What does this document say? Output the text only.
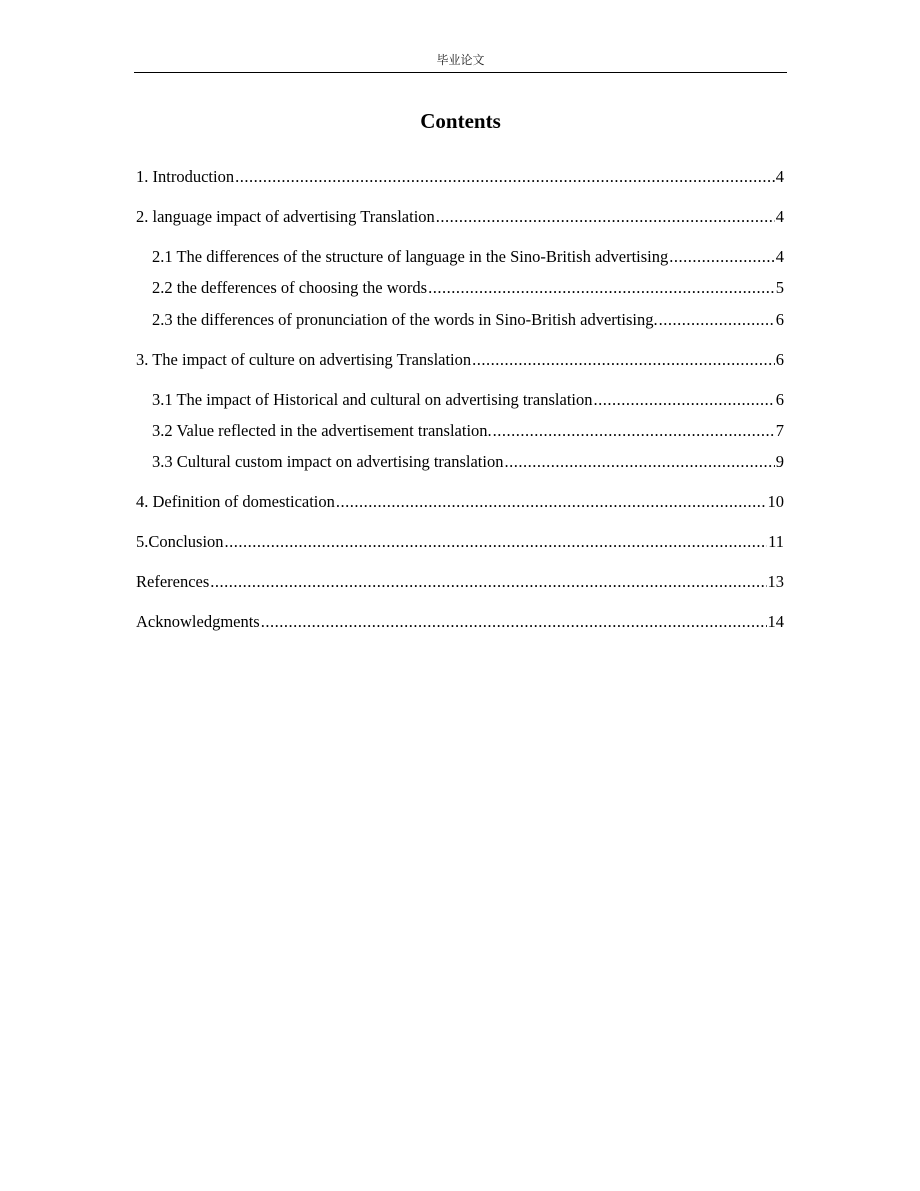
毕业论文
Contents
1. Introduction .....	4
2. language impact of advertising Translation .....	4
2.1 The differences of the structure of language in the Sino-British advertising .....	4
2.2 the defferences of choosing the words .....	5
2.3 the differences of pronunciation of the words in Sino-British advertising. .....	6
3. The impact of culture on advertising Translation .....	6
3.1 The impact of Historical and cultural on advertising translation .....	6
3.2 Value reflected in the advertisement translation. .....	7
3.3 Cultural custom impact on advertising translation .....	9
4. Definition of domestication .....	10
5.Conclusion .....	11
References .....	13
Acknowledgments .....	14
